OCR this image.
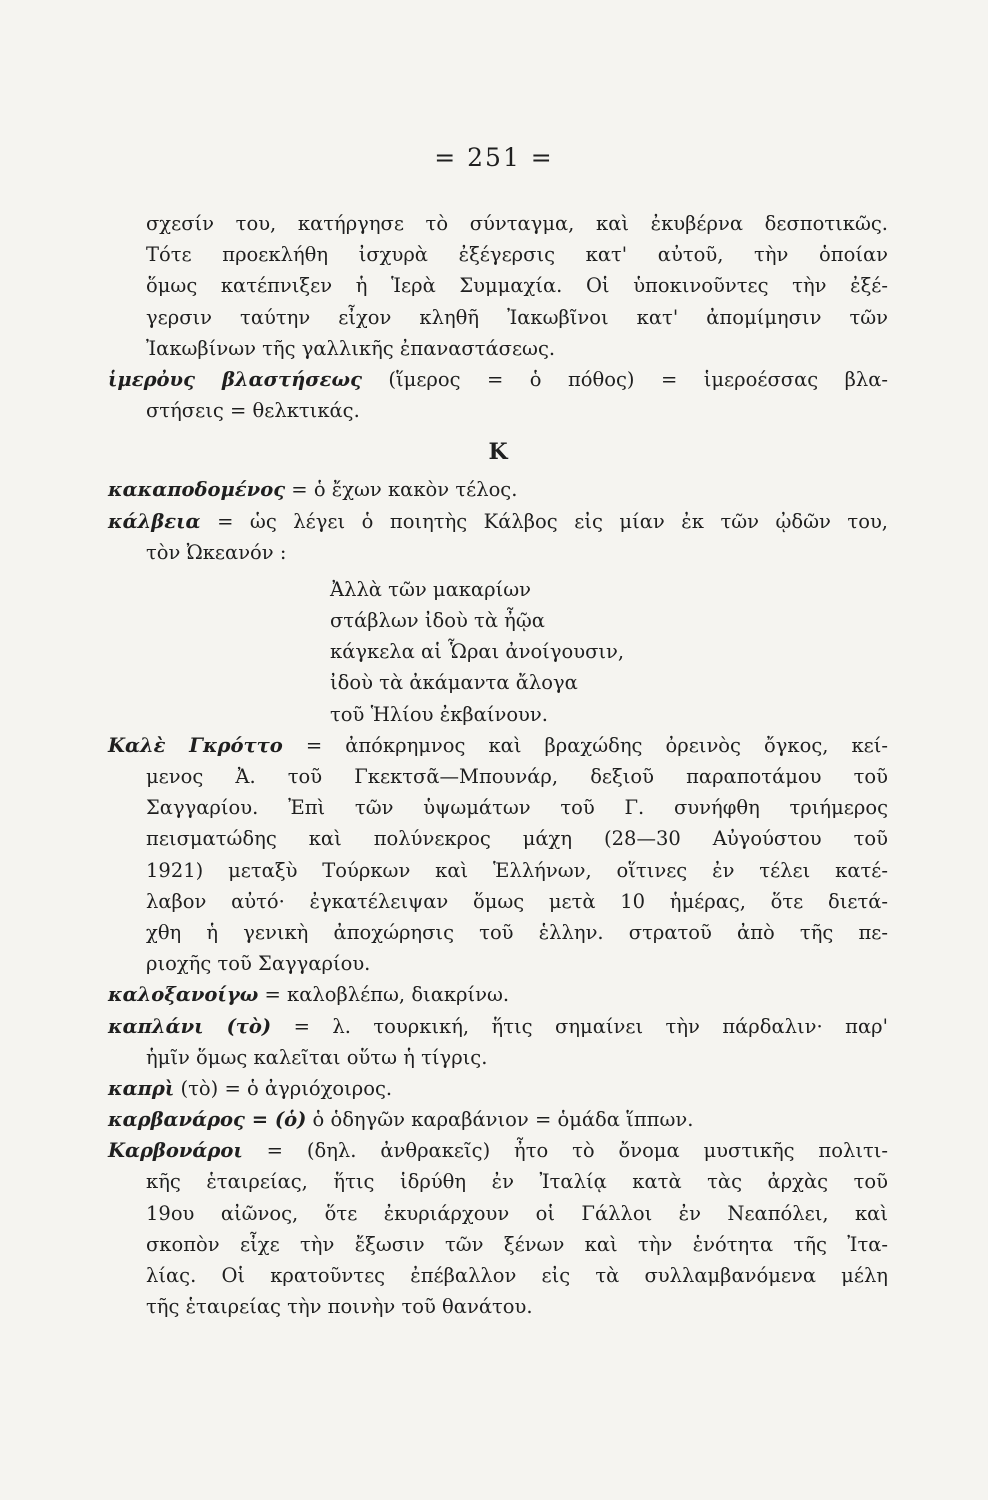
= 251 =
σχεσίν του, κατήργησε τὸ σύνταγμα, καὶ ἐκυβέρνα δεσποτικῶς.
Τότε προεκλήθη ἰσχυρὰ ἐξέγερσις κατ' αὐτοῦ, τὴν ὁποίαν
ὅμως κατέπνιξεν ἡ Ἱερὰ Συμμαχία. Οἱ ὑποκινοῦντες τὴν ἐξέ-
γερσιν ταύτην εἶχον κληθῆ Ἰακωβῖνοι κατ' ἀπομίμησιν τῶν
Ἰακωβίνων τῆς γαλλικῆς ἐπαναστάσεως.
ἱμερὀυς βλαστήσεως (ἵμερος = ὁ πόθος) = ἱμεροέσσας βλα-
στήσεις = θελκτικάς.
Κ
κακαποδομένος = ὁ ἔχων κακὸν τέλος.
κάλβεια = ὡς λέγει ὁ ποιητὴς Κάλβος εἰς μίαν ἐκ τῶν ᾠδῶν του,
τὸν Ὠκεανόν :
Ἀλλὰ τῶν μακαρίων
στάβλων ἰδοὺ τὰ ἦῷα
κάγκελα αἱ Ὧραι ἀνοίγουσιν,
ἰδοὺ τὰ ἀκάμαντα ἄλογα
τοῦ Ἡλίου ἐκβαίνουν.
Καλὲ Γκρόττο = ἀπόκρημνος καὶ βραχώδης ὀρεινὸς ὄγκος, κεί-
μενος Ἀ. τοῦ Γκεκτσᾶ—Μπουνάρ, δεξιοῦ παραποτάμου τοῦ
Σαγγαρίου. Ἐπὶ τῶν ὑψωμάτων τοῦ Γ. συνήφθη τριήμερος
πεισματώδης καὶ πολύνεκρος μάχη (28—30 Αὐγούστου τοῦ
1921) μεταξὺ Τούρκων καὶ Ἑλλήνων, οἵτινες ἐν τέλει κατέ-
λαβον αὐτό· ἐγκατέλειψαν ὅμως μετὰ 10 ἡμέρας, ὅτε διετά-
χθη ἡ γενικὴ ἀποχώρησις τοῦ ἑλλην. στρατοῦ ἀπὸ τῆς πε-
ριοχῆς τοῦ Σαγγαρίου.
καλοξανοίγω = καλοβλέπω, διακρίνω.
καπλάνι (τὸ) = λ. τουρκική, ἥτις σημαίνει τὴν πάρδαλιν· παρ'
ἡμῖν ὅμως καλεῖται οὕτω ἡ τίγρις.
καπρὶ (τὸ) = ὁ ἀγριόχοιρος.
καρβανάρος = (ὁ) ὁ ὁδηγῶν καραβάνιον = ὁμάδα ἵππων.
Καρβονάροι = (δηλ. ἀνθρακεῖς) ἦτο τὸ ὄνομα μυστικῆς πολιτι-
κῆς ἑταιρείας, ἥτις ἱδρύθη ἐν Ἰταλίᾳ κατὰ τὰς ἀρχὰς τοῦ
19ου αἰῶνος, ὅτε ἐκυριάρχουν οἱ Γάλλοι ἐν Νεαπόλει, καὶ
σκοπὸν εἶχε τὴν ἔξωσιν τῶν ξένων καὶ τὴν ἑνότητα τῆς Ἰτα-
λίας. Οἱ κρατοῦντες ἐπέβαλλον εἰς τὰ συλλαμβανόμενα μέλη
τῆς ἑταιρείας τὴν ποινὴν τοῦ θανάτου.
